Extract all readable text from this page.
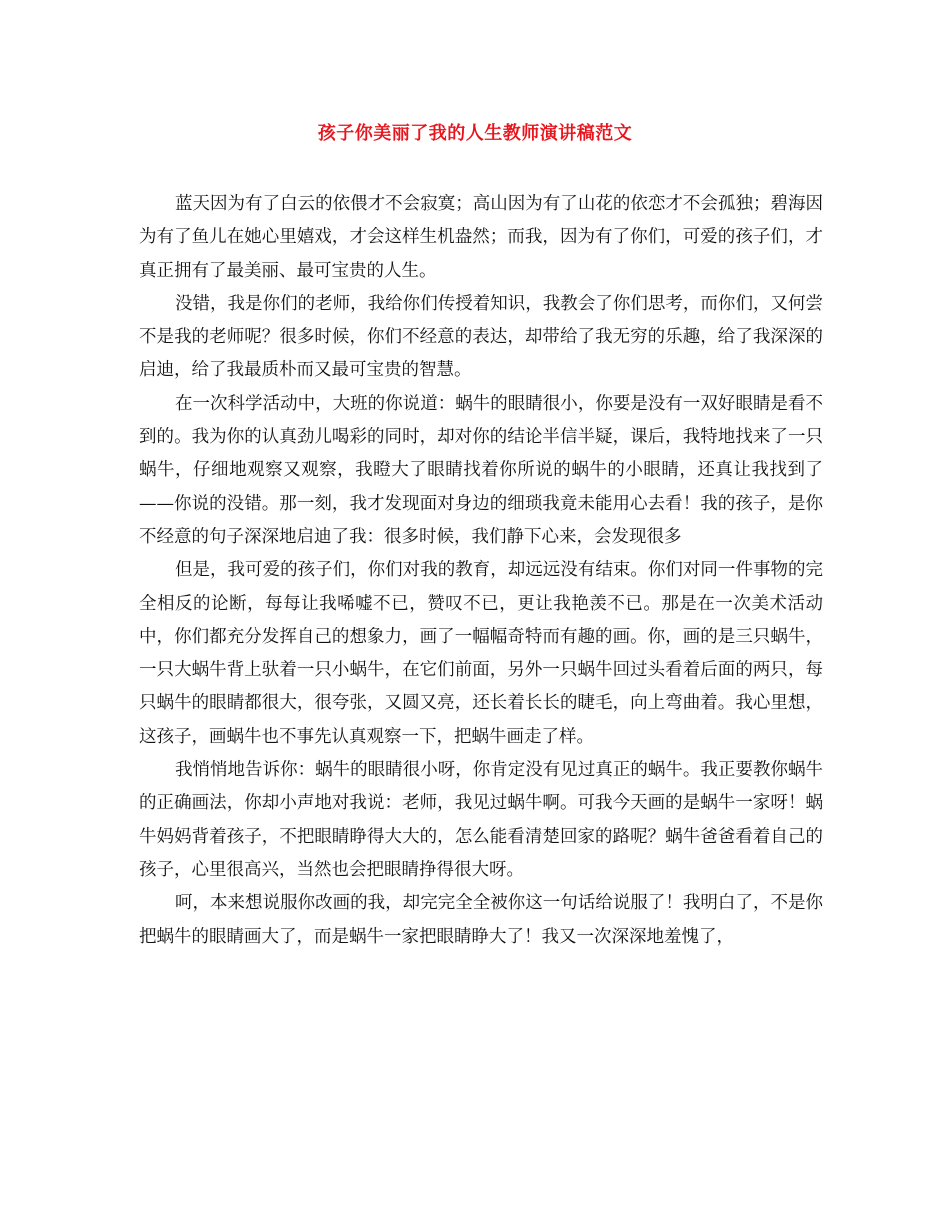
孩子你美丽了我的人生教师演讲稿范文

蓝天因为有了白云的依偎才不会寂寞；高山因为有了山花的依恋才不会孤独；碧海因为有了鱼儿在她心里嬉戏，才会这样生机盎然；而我，因为有了你们，可爱的孩子们，才真正拥有了最美丽、最可宝贵的人生。

没错，我是你们的老师，我给你们传授着知识，我教会了你们思考，而你们，又何尝不是我的老师呢？很多时候，你们不经意的表达，却带给了我无穷的乐趣，给了我深深的启迪，给了我最质朴而又最可宝贵的智慧。

在一次科学活动中，大班的你说道：蜗牛的眼睛很小，你要是没有一双好眼睛是看不到的。我为你的认真劲儿喝彩的同时，却对你的结论半信半疑，课后，我特地找来了一只蜗牛，仔细地观察又观察，我瞪大了眼睛找着你所说的蜗牛的小眼睛，还真让我找到了——你说的没错。那一刻，我才发现面对身边的细琐我竟未能用心去看！我的孩子，是你不经意的句子深深地启迪了我：很多时候，我们静下心来，会发现很多

但是，我可爱的孩子们，你们对我的教育，却远远没有结束。你们对同一件事物的完全相反的论断，每每让我唏嘘不已，赞叹不已，更让我艳羡不已。那是在一次美术活动中，你们都充分发挥自己的想象力，画了一幅幅奇特而有趣的画。你，画的是三只蜗牛，一只大蜗牛背上驮着一只小蜗牛，在它们前面，另外一只蜗牛回过头看着后面的两只，每只蜗牛的眼睛都很大，很夸张，又圆又亮，还长着长长的睫毛，向上弯曲着。我心里想，这孩子，画蜗牛也不事先认真观察一下，把蜗牛画走了样。

我悄悄地告诉你：蜗牛的眼睛很小呀，你肯定没有见过真正的蜗牛。我正要教你蜗牛的正确画法，你却小声地对我说：老师，我见过蜗牛啊。可我今天画的是蜗牛一家呀！蜗牛妈妈背着孩子，不把眼睛睁得大大的，怎么能看清楚回家的路呢？蜗牛爸爸看着自己的孩子，心里很高兴，当然也会把眼睛挣得很大呀。

呵，本来想说服你改画的我，却完完全全被你这一句话给说服了！我明白了，不是你把蜗牛的眼睛画大了，而是蜗牛一家把眼睛睁大了！我又一次深深地羞愧了，
